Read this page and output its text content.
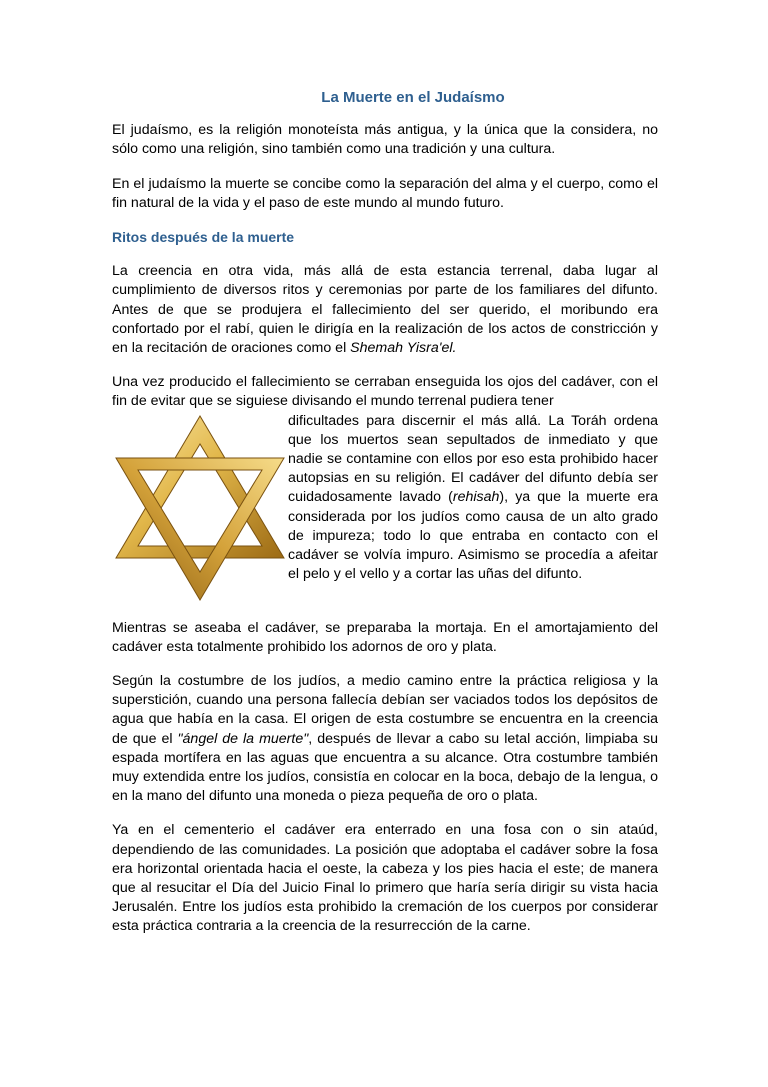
La Muerte en el Judaísmo

El judaísmo, es la religión monoteísta más antigua, y la única que la considera, no sólo como una religión, sino también como una tradición y una cultura.

En el judaísmo la muerte se concibe como la separación del alma y el cuerpo, como el fin natural de la vida y el paso de este mundo al mundo futuro.

Ritos después de la muerte

La creencia en otra vida, más allá de esta estancia terrenal, daba lugar al cumplimiento de diversos ritos y ceremonias por parte de los familiares del difunto. Antes de que se produjera el fallecimiento del ser querido, el moribundo era confortado por el rabí, quien le dirigía en la realización de los actos de constricción y en la recitación de oraciones como el Shemah Yisra'el.

Una vez producido el fallecimiento se cerraban enseguida los ojos del cadáver, con el fin de evitar que se siguiese divisando el mundo terrenal pudiera tener
dificultades para discernir el más allá. La Toráh ordena que los muertos sean sepultados de inmediato y que nadie se contamine con ellos por eso esta prohibido hacer autopsias en su religión. El cadáver del difunto debía ser cuidadosamente lavado (rehisah), ya que la muerte era considerada por los judíos como causa de un alto grado de impureza; todo lo que entraba en contacto con el cadáver se volvía impuro. Asimismo se procedía a afeitar el pelo y el vello y a cortar las uñas del difunto.

Mientras se aseaba el cadáver, se preparaba la mortaja. En el amortajamiento del cadáver esta totalmente prohibido los adornos de oro y plata.

Según la costumbre de los judíos, a medio camino entre la práctica religiosa y la superstición, cuando una persona fallecía debían ser vaciados todos los depósitos de agua que había en la casa. El origen de esta costumbre se encuentra en la creencia de que el "ángel de la muerte", después de llevar a cabo su letal acción, limpiaba su espada mortífera en las aguas que encuentra a su alcance. Otra costumbre también muy extendida entre los judíos, consistía en colocar en la boca, debajo de la lengua, o en la mano del difunto una moneda o pieza pequeña de oro o plata.

Ya en el cementerio el cadáver era enterrado en una fosa con o sin ataúd, dependiendo de las comunidades. La posición que adoptaba el cadáver sobre la fosa era horizontal orientada hacia el oeste, la cabeza y los pies hacia el este; de manera que al resucitar el Día del Juicio Final lo primero que haría sería dirigir su vista hacia Jerusalén. Entre los judíos esta prohibido la cremación de los cuerpos por considerar esta práctica contraria a la creencia de la resurrección de la carne.
